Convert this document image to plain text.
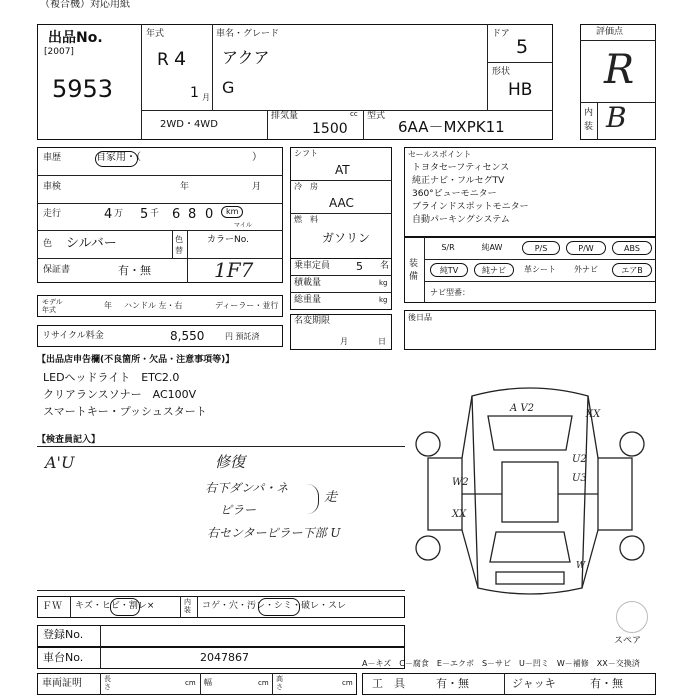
（複合機）対応用紙
出品No.
[2007]
5953
年式
R 4
1 月
車名・グレード
アクア
G
ドア
5
形状
HB
2WD・4WD
排気量	cc
1500
型式
6AA－MXPK11
評価点
R
内
装 B
車歴	自家用・（	）
車検	年	月
走行	4 万 5 千 6 8 0	km
マイル
色 シルバー	色
替
カラーNo.
1F7
保証書	有・無
モデル
年式	年 ハンドル 左・右	ディーラー・並行
リサイクル料金	8,550	円 預託済
シフト
AT
冷　房
AAC
燃　料
ガソリン
乗車定員 5 名
積載量	kg
総重量	kg
名変期限
月	日
セールスポイント
トヨタセーフティセンス
純正ナビ・フルセグTV
360°ビューモニター
ブラインドスポットモニター
自動パーキングシステム
装
備
S/R	純AW	P/S	P/W	ABS
純TV	純ナビ	革シート	外ナビ	エアB
ナビ型番：
後日品
【出品店申告欄(不良箇所・欠品・注意事項等)】
LEDヘッドライト　ETC2.0
クリアランスソナー　AC100V
スマートキー・プッシュスタート
【検査員記入】
A'U	修復
右下ダンパ・ネ
ピラー
走
右センターピラー下部 U
A V2
XX
U2
W2	U3
XX
W
スペア
ＦＷ キズ・ヒビ・割レ×	内
装 コゲ・穴・汚レ・シミ・破レ・スレ
登録No.
車台No.	2047867
車両証明	長
さ	cm 幅	cm 高
さ	cm
A－キズ　C－腐食　E－エクボ　S－サビ　U－凹ミ　W－補修　XX－交換済
工　具	有・無	ジャッキ	有・無
